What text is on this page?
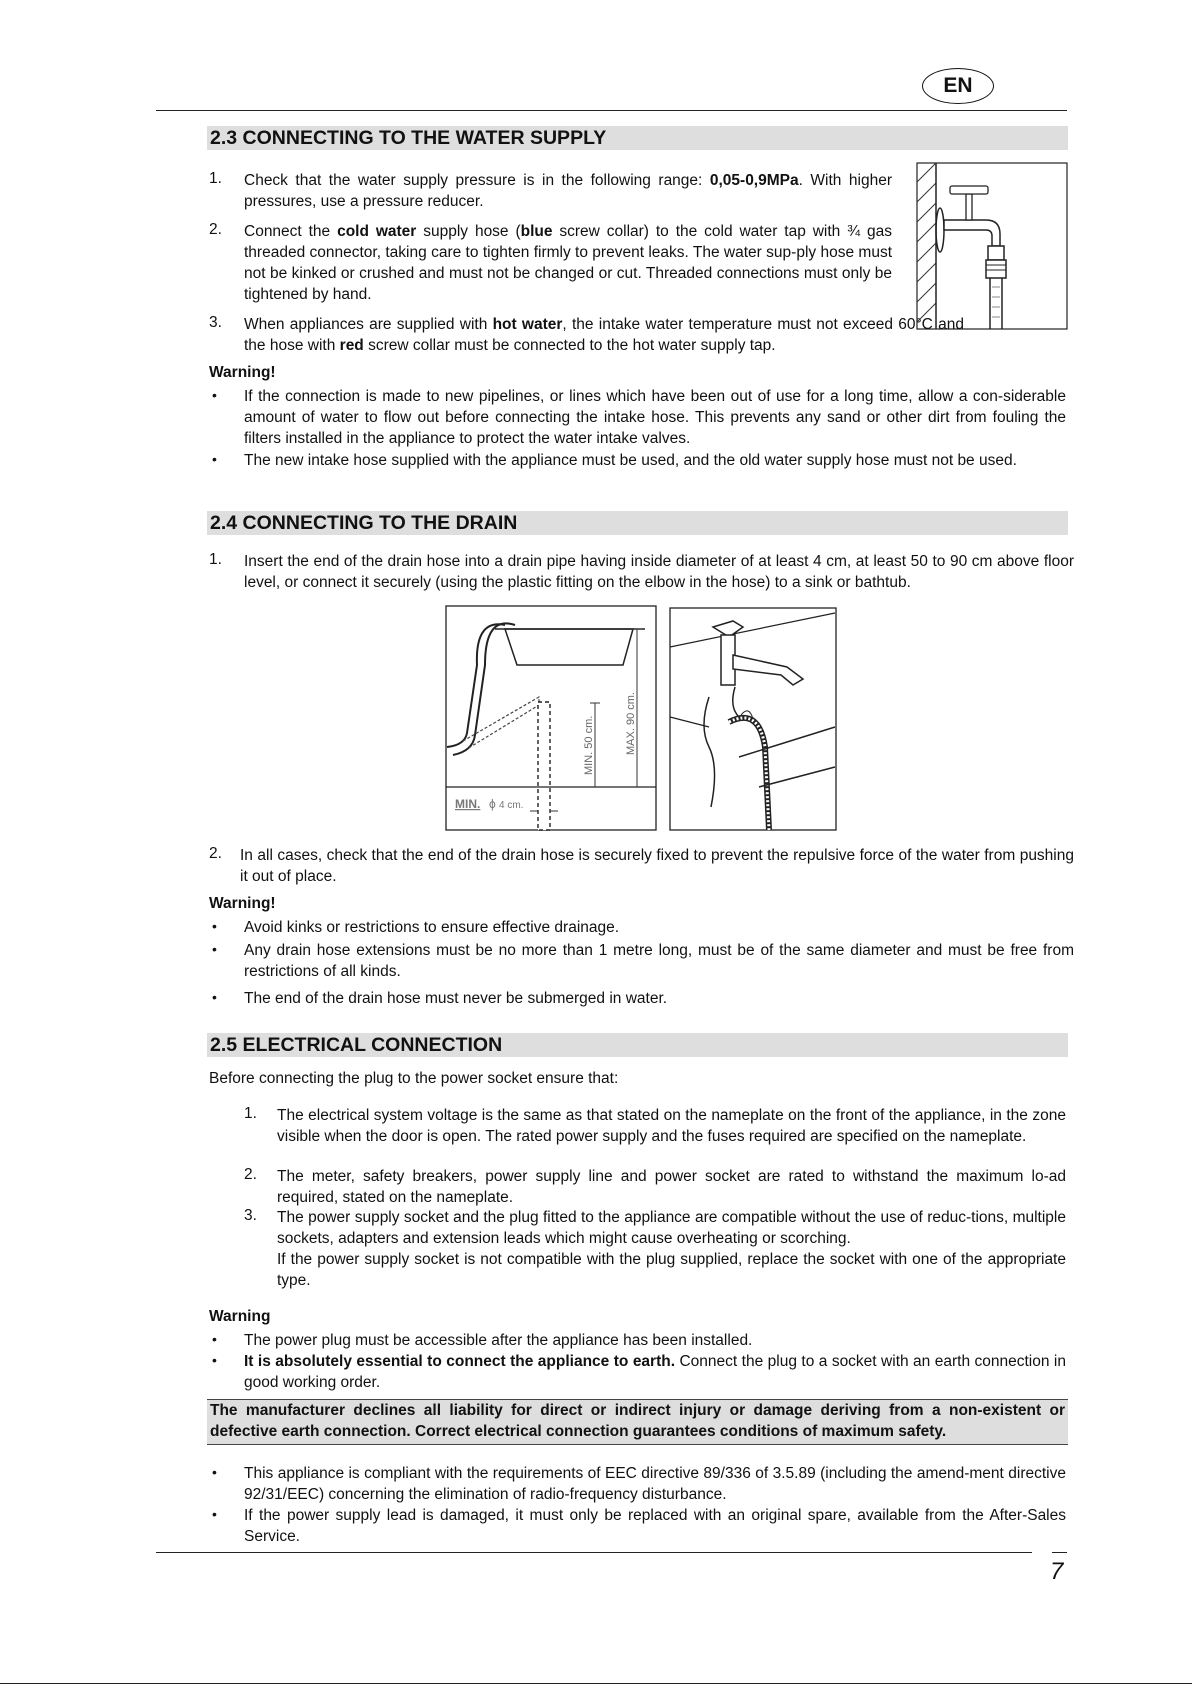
EN
2.3 CONNECTING TO THE WATER SUPPLY
1. Check that the water supply pressure is in the following range: 0,05-0,9MPa. With higher pressures, use a pressure reducer.
2. Connect the cold water supply hose (blue screw collar) to the cold water tap with ¾ gas threaded connector, taking care to tighten firmly to prevent leaks. The water sup-ply hose must not be kinked or crushed and must not be changed or cut. Threaded connections must only be tightened by hand.
3. When appliances are supplied with hot water, the intake water temperature must not exceed 60°C and the hose with red screw collar must be connected to the hot water supply tap.
Warning!
• If the connection is made to new pipelines, or lines which have been out of use for a long time, allow a con-siderable amount of water to flow out before connecting the intake hose. This prevents any sand or other dirt from fouling the filters installed in the appliance to protect the water intake valves.
• The new intake hose supplied with the appliance must be used, and the old water supply hose must not be used.
2.4 CONNECTING TO THE DRAIN
1. Insert the end of the drain hose into a drain pipe having inside diameter of at least 4 cm, at least 50 to 90 cm above floor level, or connect it securely (using the plastic fitting on the elbow in the hose) to a sink or bathtub.
MIN. 50 cm.	MAX. 90 cm.
MIN. ϕ 4 cm.
2. In all cases, check that the end of the drain hose is securely fixed to prevent the repulsive force of the water from pushing it out of place.
Warning!
• Avoid kinks or restrictions to ensure effective drainage.
• Any drain hose extensions must be no more than 1 metre long, must be of the same diameter and must be free from restrictions of all kinds.
• The end of the drain hose must never be submerged in water.
2.5 ELECTRICAL CONNECTION
Before connecting the plug to the power socket ensure that:
1. The electrical system voltage is the same as that stated on the nameplate on the front of the appliance, in the zone visible when the door is open. The rated power supply and the fuses required are specified on the nameplate.
2. The meter, safety breakers, power supply line and power socket are rated to withstand the maximum lo-ad required, stated on the nameplate.
3. The power supply socket and the plug fitted to the appliance are compatible without the use of reduc-tions, multiple sockets, adapters and extension leads which might cause overheating or scorching.
If the power supply socket is not compatible with the plug supplied, replace the socket with one of the appropriate type.
Warning
• The power plug must be accessible after the appliance has been installed.
• It is absolutely essential to connect the appliance to earth. Connect the plug to a socket with an earth connection in good working order.
The manufacturer declines all liability for direct or indirect injury or damage deriving from a non-existent or defective earth connection. Correct electrical connection guarantees conditions of maximum safety.
• This appliance is compliant with the requirements of EEC directive 89/336 of 3.5.89 (including the amend-ment directive 92/31/EEC) concerning the elimination of radio-frequency disturbance.
• If the power supply lead is damaged, it must only be replaced with an original spare, available from the After-Sales Service.
7
